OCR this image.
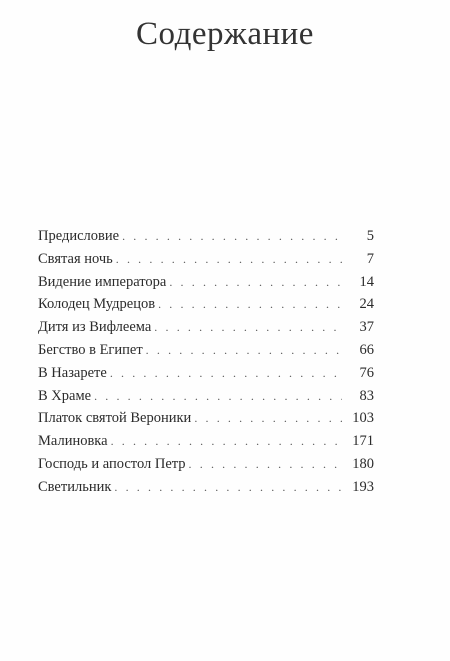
Содержание
Предисловие . . .	5
Святая ночь . . .	7
Видение императора . . .	14
Колодец Мудрецов . . .	24
Дитя из Вифлеема . . .	37
Бегство в Египет . . .	66
В Назарете . . .	76
В Храме . . .	83
Платок святой Вероники . . .	103
Малиновка . . .	171
Господь и апостол Петр . . .	180
Светильник . . .	193
